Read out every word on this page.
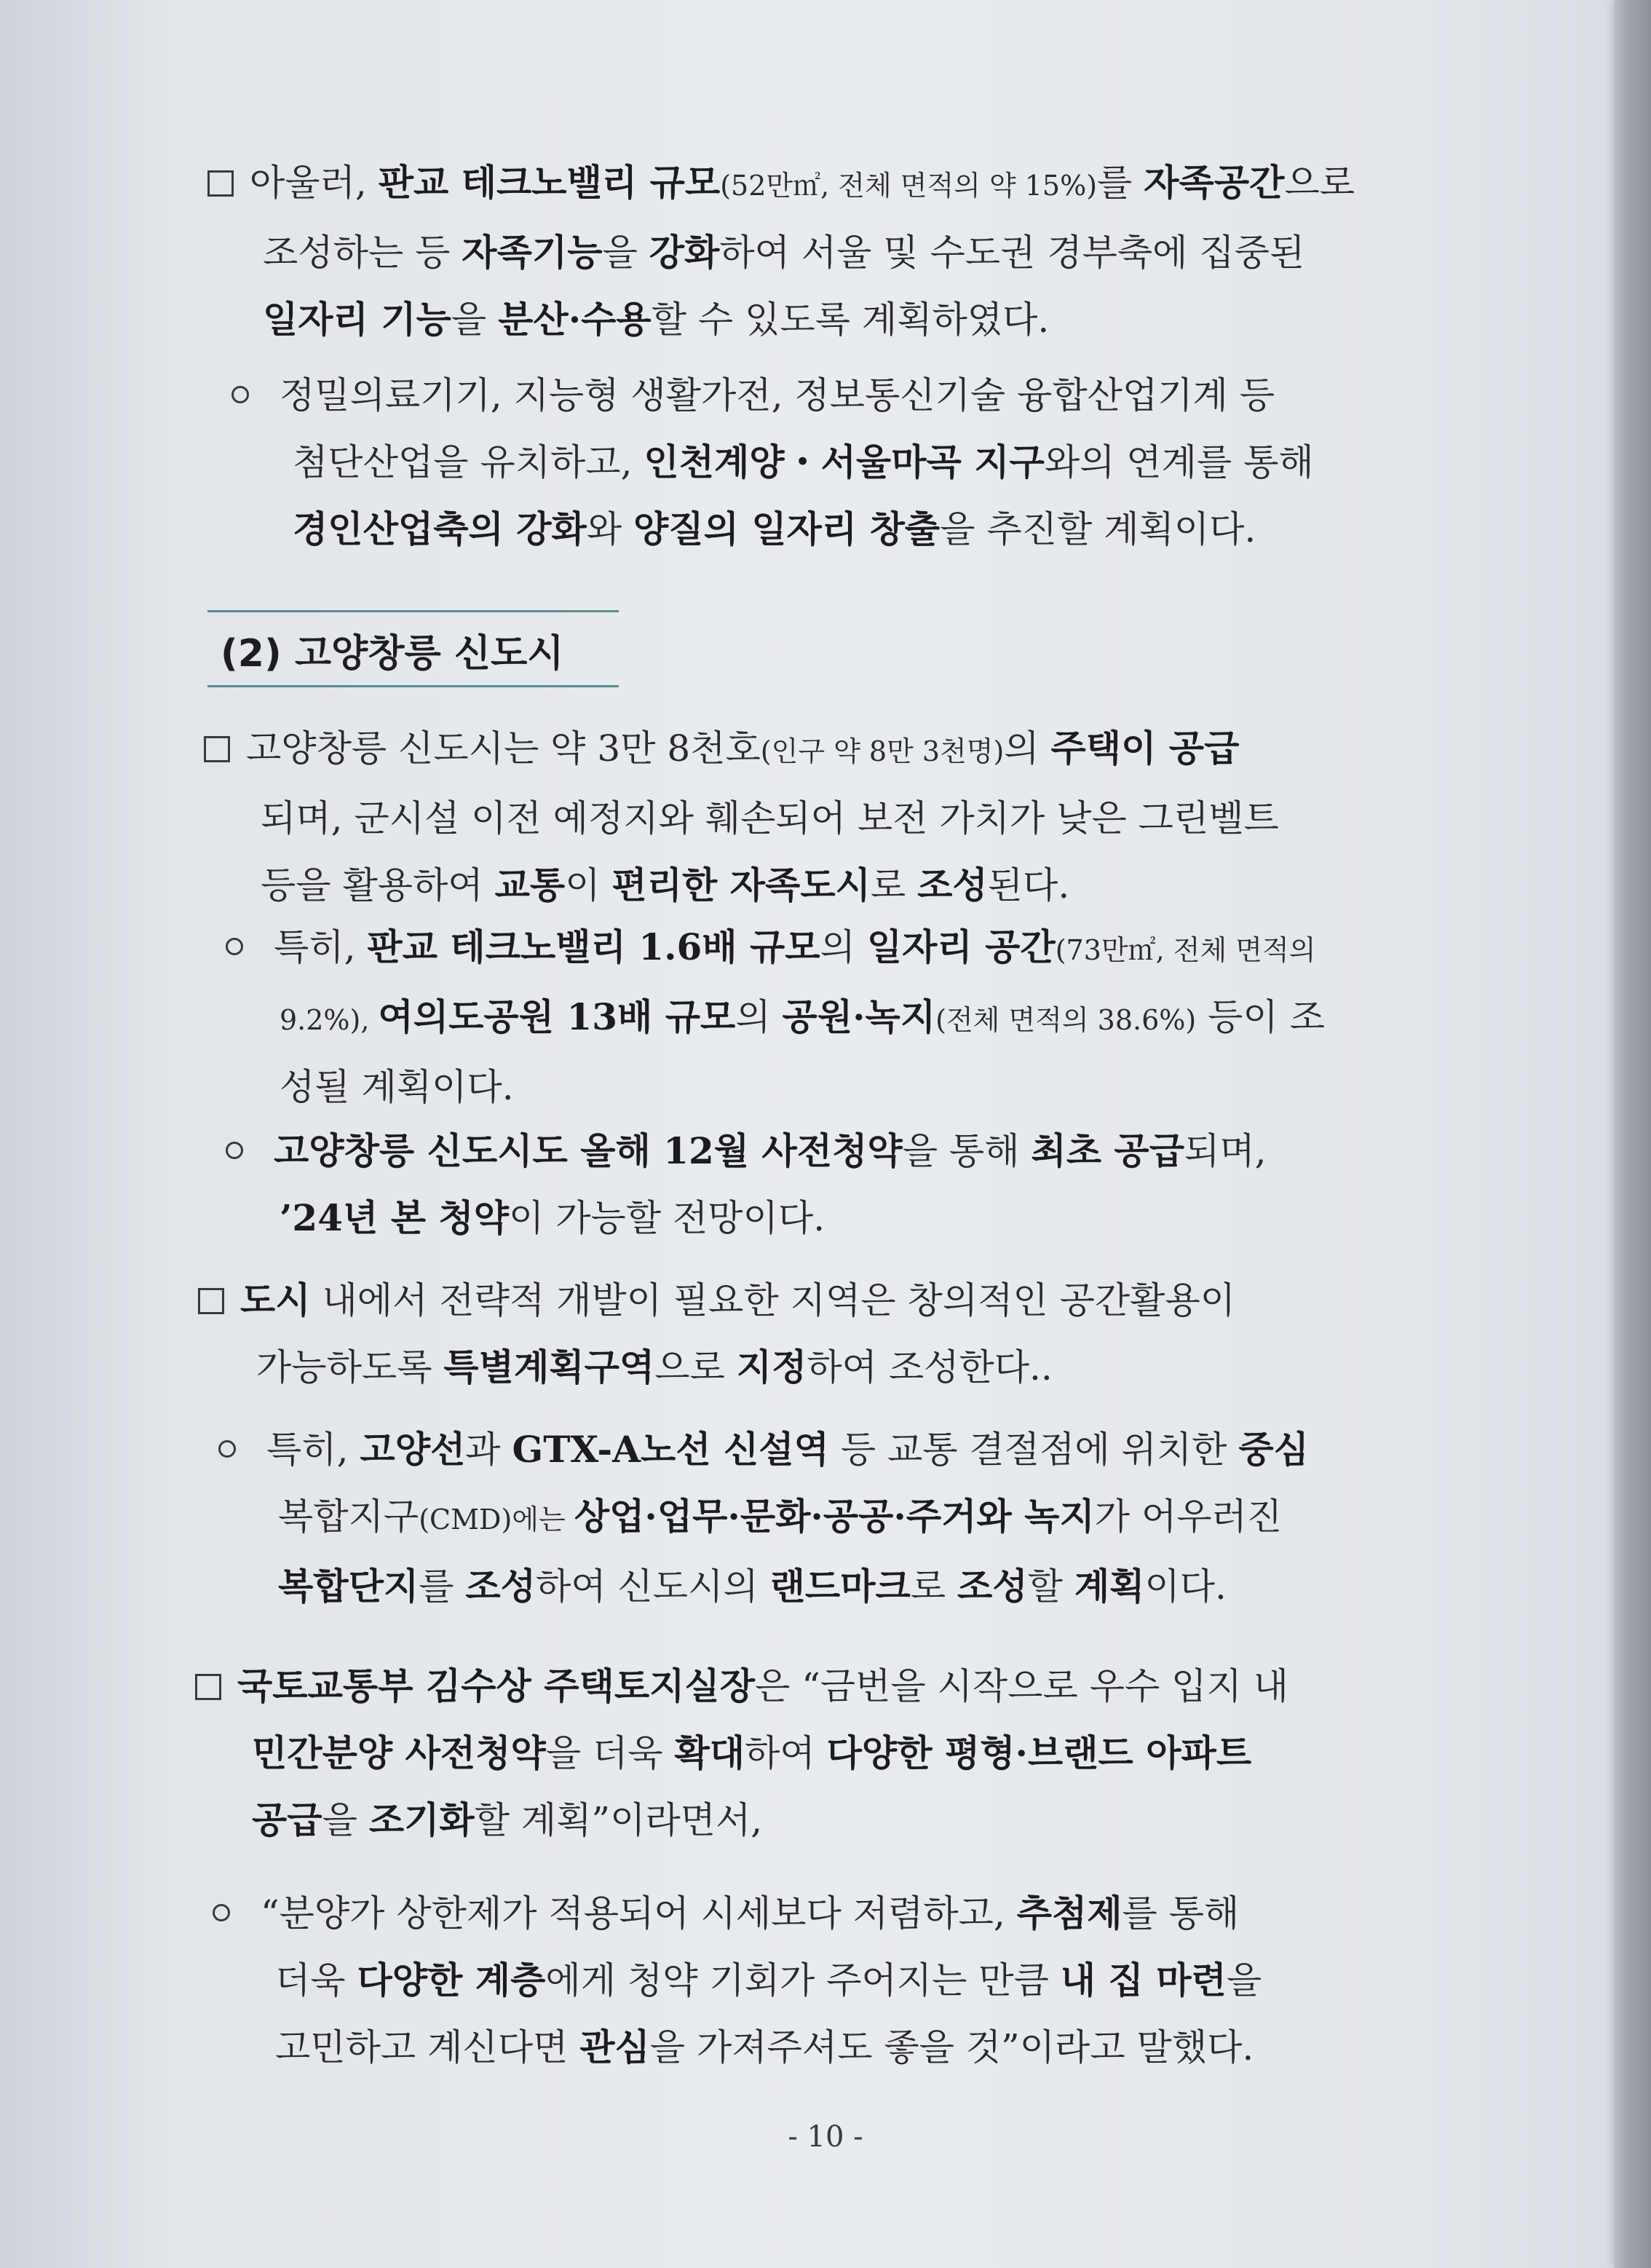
아울러, 판교 테크노밸리 규모(52만㎡, 전체 면적의 약 15%)를 자족공간으로
조성하는 등 자족기능을 강화하여 서울 및 수도권 경부축에 집중된
일자리 기능을 분산·수용할 수 있도록 계획하였다.
정밀의료기기, 지능형 생활가전, 정보통신기술 융합산업기계 등
첨단산업을 유치하고, 인천계양・서울마곡 지구와의 연계를 통해
경인산업축의 강화와 양질의 일자리 창출을 추진할 계획이다.
(2) 고양창릉 신도시
고양창릉 신도시는 약 3만 8천호(인구 약 8만 3천명)의 주택이 공급
되며, 군시설 이전 예정지와 훼손되어 보전 가치가 낮은 그린벨트
등을 활용하여 교통이 편리한 자족도시로 조성된다.
특히, 판교 테크노밸리 1.6배 규모의 일자리 공간(73만㎡, 전체 면적의
9.2%), 여의도공원 13배 규모의 공원·녹지(전체 면적의 38.6%) 등이 조
성될 계획이다.
고양창릉 신도시도 올해 12월 사전청약을 통해 최초 공급되며,
’24년 본 청약이 가능할 전망이다.
도시 내에서 전략적 개발이 필요한 지역은 창의적인 공간활용이
가능하도록 특별계획구역으로 지정하여 조성한다..
특히, 고양선과 GTX-A노선 신설역 등 교통 결절점에 위치한 중심
복합지구(CMD)에는 상업·업무·문화·공공·주거와 녹지가 어우러진
복합단지를 조성하여 신도시의 랜드마크로 조성할 계획이다.
국토교통부 김수상 주택토지실장은 “금번을 시작으로 우수 입지 내
민간분양 사전청약을 더욱 확대하여 다양한 평형·브랜드 아파트
공급을 조기화할 계획”이라면서,
“분양가 상한제가 적용되어 시세보다 저렴하고, 추첨제를 통해
더욱 다양한 계층에게 청약 기회가 주어지는 만큼 내 집 마련을
고민하고 계신다면 관심을 가져주셔도 좋을 것”이라고 말했다.
- 10 -
